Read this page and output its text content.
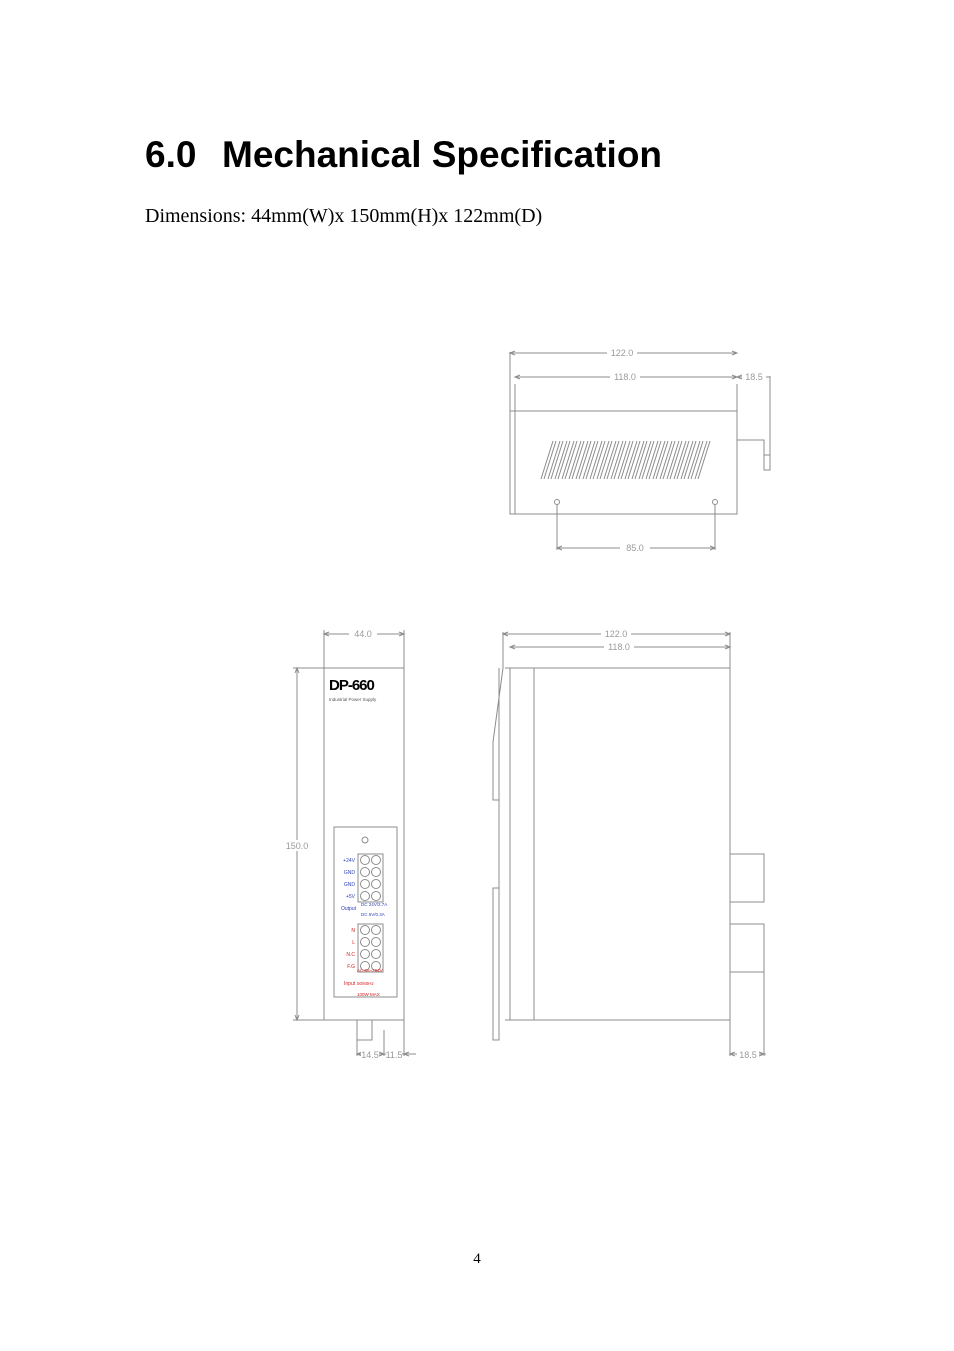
6.0 Mechanical Specification

Dimensions: 44mm(W)x 150mm(H)x 122mm(D)

122.0
118.0	18.5
85.0
44.0
150.0
14.5 11.5
DP-660
Industrial Power Supply
+24V
GND
GND
+5V
Output
DC 24V/2.7A
DC 5V/0.3A
N
L
N.C
F.G
Input
AC 85~264V
50/60Hz
100W MAX
122.0
118.0
18.5
4
